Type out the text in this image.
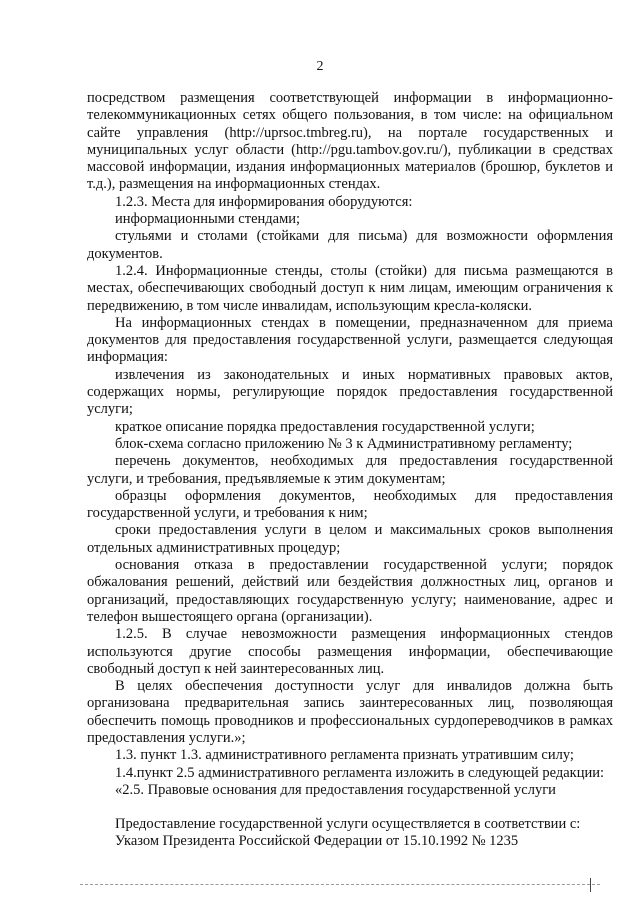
2

посредством размещения соответствующей информации в информационно-телекоммуникационных сетях общего пользования, в том числе: на официальном сайте управления (http://uprsoc.tmbreg.ru), на портале государственных и муниципальных услуг области (http://pgu.tambov.gov.ru/), публикации в средствах массовой информации, издания информационных материалов (брошюр, буклетов и т.д.), размещения на информационных стендах.

1.2.3. Места для информирования оборудуются:

информационными стендами;

стульями и столами (стойками для письма) для возможности оформления документов.

1.2.4. Информационные стенды, столы (стойки) для письма размещаются в местах, обеспечивающих свободный доступ к ним лицам, имеющим ограничения к передвижению, в том числе инвалидам, использующим кресла-коляски.

На информационных стендах в помещении, предназначенном для приема документов для предоставления государственной услуги, размещается следующая информация:

извлечения из законодательных и иных нормативных правовых актов, содержащих нормы, регулирующие порядок предоставления государственной услуги;

краткое описание порядка предоставления государственной услуги;

блок-схема согласно приложению № 3 к Административному регламенту;

перечень документов, необходимых для предоставления государственной услуги, и требования, предъявляемые к этим документам;

образцы оформления документов, необходимых для предоставления государственной услуги, и требования к ним;

сроки предоставления услуги в целом и максимальных сроков выполнения отдельных административных процедур;

основания отказа в предоставлении государственной услуги; порядок обжалования решений, действий или бездействия должностных лиц, органов и организаций, предоставляющих государственную услугу; наименование, адрес и телефон вышестоящего органа (организации).

1.2.5. В случае невозможности размещения информационных стендов используются другие способы размещения информации, обеспечивающие свободный доступ к ней заинтересованных лиц.

В целях обеспечения доступности услуг для инвалидов должна быть организована предварительная запись заинтересованных лиц, позволяющая обеспечить помощь проводников и профессиональных сурдопереводчиков в рамках предоставления услуги.»;

1.3. пункт 1.3. административного регламента признать утратившим силу;

1.4.пункт 2.5 административного регламента изложить в следующей редакции:

«2.5. Правовые основания для предоставления государственной услуги

Предоставление государственной услуги осуществляется в соответствии с:

Указом Президента Российской Федерации от 15.10.1992 № 1235
